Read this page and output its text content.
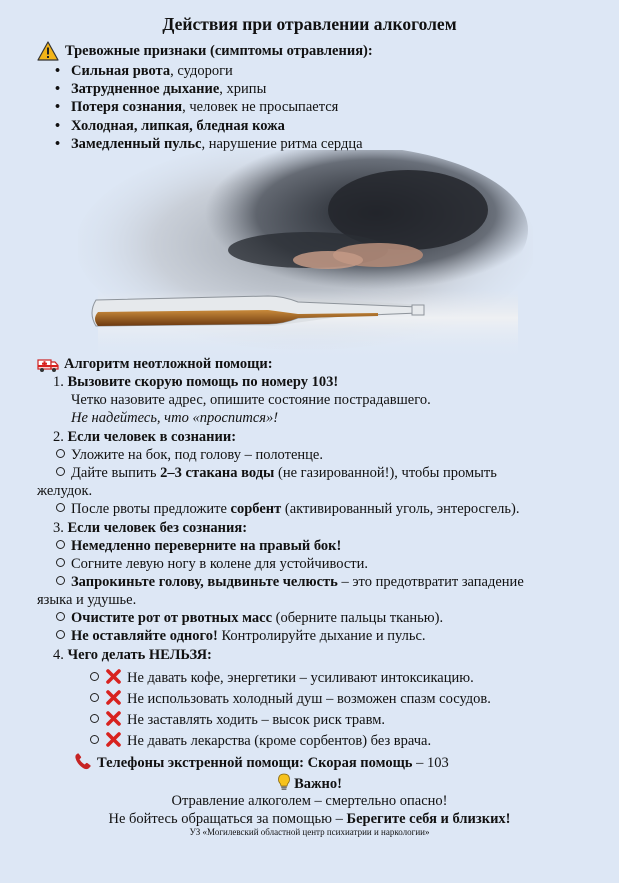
Действия при отравлении алкоголем
Тревожные признаки (симптомы отравления):
• Сильная рвота, судороги
• Затрудненное дыхание, хрипы
• Потеря сознания, человек не просыпается
• Холодная, липкая, бледная кожа
• Замедленный пульс, нарушение ритма сердца
Алгоритм неотложной помощи:
1. Вызовите скорую помощь по номеру 103!
Четко назовите адрес, опишите состояние пострадавшего.
Не надейтесь, что «проспится»!
2. Если человек в сознании:
Уложите на бок, под голову – полотенце.
Дайте выпить 2–3 стакана воды (не газированной!), чтобы промыть
желудок.
После рвоты предложите сорбент (активированный уголь, энтеросгель).
3. Если человек без сознания:
Немедленно переверните на правый бок!
Согните левую ногу в колене для устойчивости.
Запрокиньте голову, выдвиньте челюсть – это предотвратит западение
языка и удушье.
Очистите рот от рвотных масс (оберните пальцы тканью).
Не оставляйте одного! Контролируйте дыхание и пульс.
4. Чего делать НЕЛЬЗЯ:
Не давать кофе, энергетики – усиливают интоксикацию.
Не использовать холодный душ – возможен спазм сосудов.
Не заставлять ходить – высок риск травм.
Не давать лекарства (кроме сорбентов) без врача.
Телефоны экстренной помощи: Скорая помощь – 103
Важно!
Отравление алкоголем – смертельно опасно!
Не бойтесь обращаться за помощью – Берегите себя и близких!
УЗ «Могилевский областной центр психиатрии и наркологии»
